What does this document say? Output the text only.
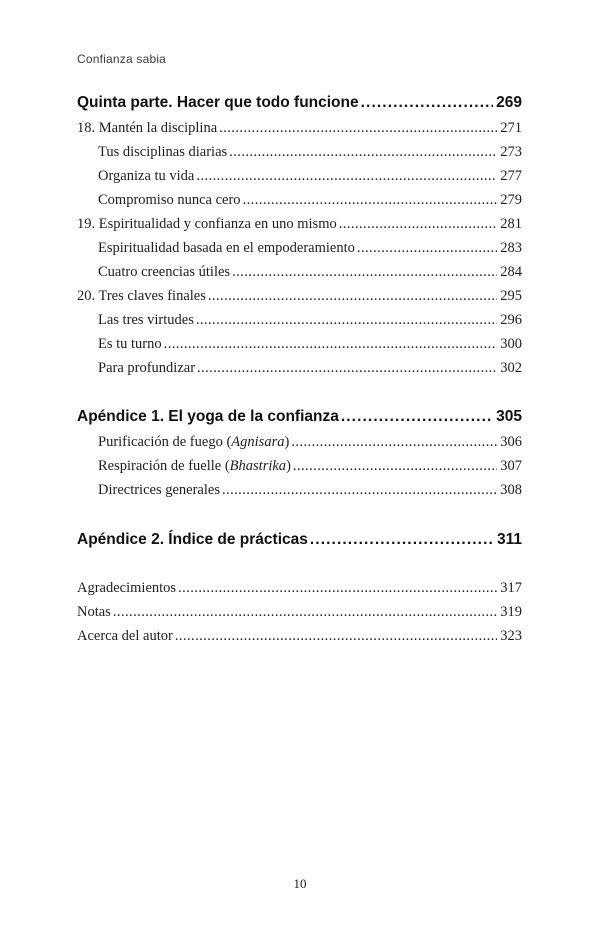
Confianza sabia
Quinta parte. Hacer que todo funcione . . .	269
18. Mantén la disciplina . . .	271
Tus disciplinas diarias . . .	273
Organiza tu vida . . .	277
Compromiso nunca cero . . .	279
19. Espiritualidad y confianza en uno mismo . . .	281
Espiritualidad basada en el empoderamiento . . .	283
Cuatro creencias útiles . . .	284
20. Tres claves finales . . .	295
Las tres virtudes . . .	296
Es tu turno . . .	300
Para profundizar . . .	302
Apéndice 1. El yoga de la confianza . . .	305
Purificación de fuego (Agnisara) . . .	306
Respiración de fuelle (Bhastrika) . . .	307
Directrices generales . . .	308
Apéndice 2. Índice de prácticas . . .	311
Agradecimientos . . .	317
Notas . . .	319
Acerca del autor . . .	323
10
